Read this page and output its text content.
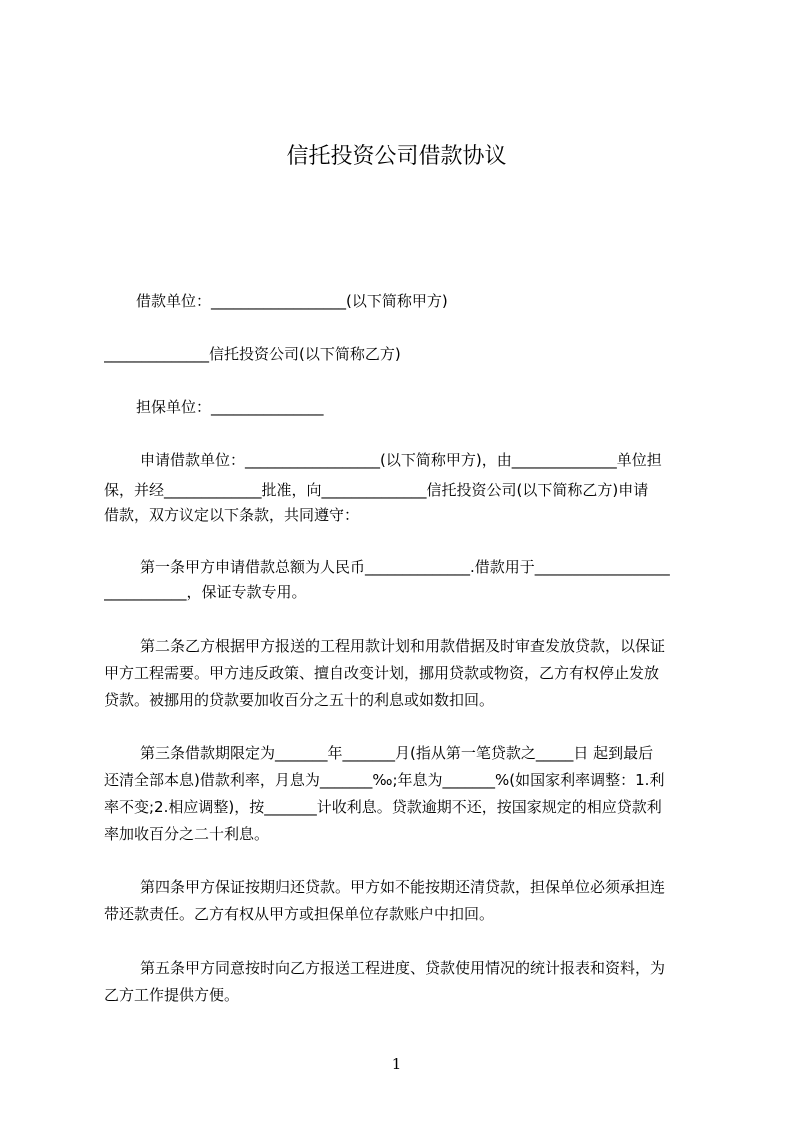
信托投资公司借款协议
借款单位：__________________(以下简称甲方)
______________信托投资公司(以下简称乙方)
担保单位：_______________
申请借款单位：__________________(以下简称甲方)，由______________单位担
保，并经_____________批准，向______________信托投资公司(以下简称乙方)申请
借款，双方议定以下条款，共同遵守：
第一条甲方申请借款总额为人民币______________.借款用于__________________
___________，保证专款专用。
第二条乙方根据甲方报送的工程用款计划和用款借据及时审查发放贷款，以保证
甲方工程需要。甲方违反政策、擅自改变计划，挪用贷款或物资，乙方有权停止发放
贷款。被挪用的贷款要加收百分之五十的利息或如数扣回。
第三条借款期限定为_______年_______月(指从第一笔贷款之_____日 起到最后
还清全部本息)借款利率，月息为_______‰;年息为_______%(如国家利率调整：1.利
率不变;2.相应调整)，按_______计收利息。贷款逾期不还，按国家规定的相应贷款利
率加收百分之二十利息。
第四条甲方保证按期归还贷款。甲方如不能按期还清贷款，担保单位必须承担连
带还款责任。乙方有权从甲方或担保单位存款账户中扣回。
第五条甲方同意按时向乙方报送工程进度、贷款使用情况的统计报表和资料，为
乙方工作提供方便。
1
